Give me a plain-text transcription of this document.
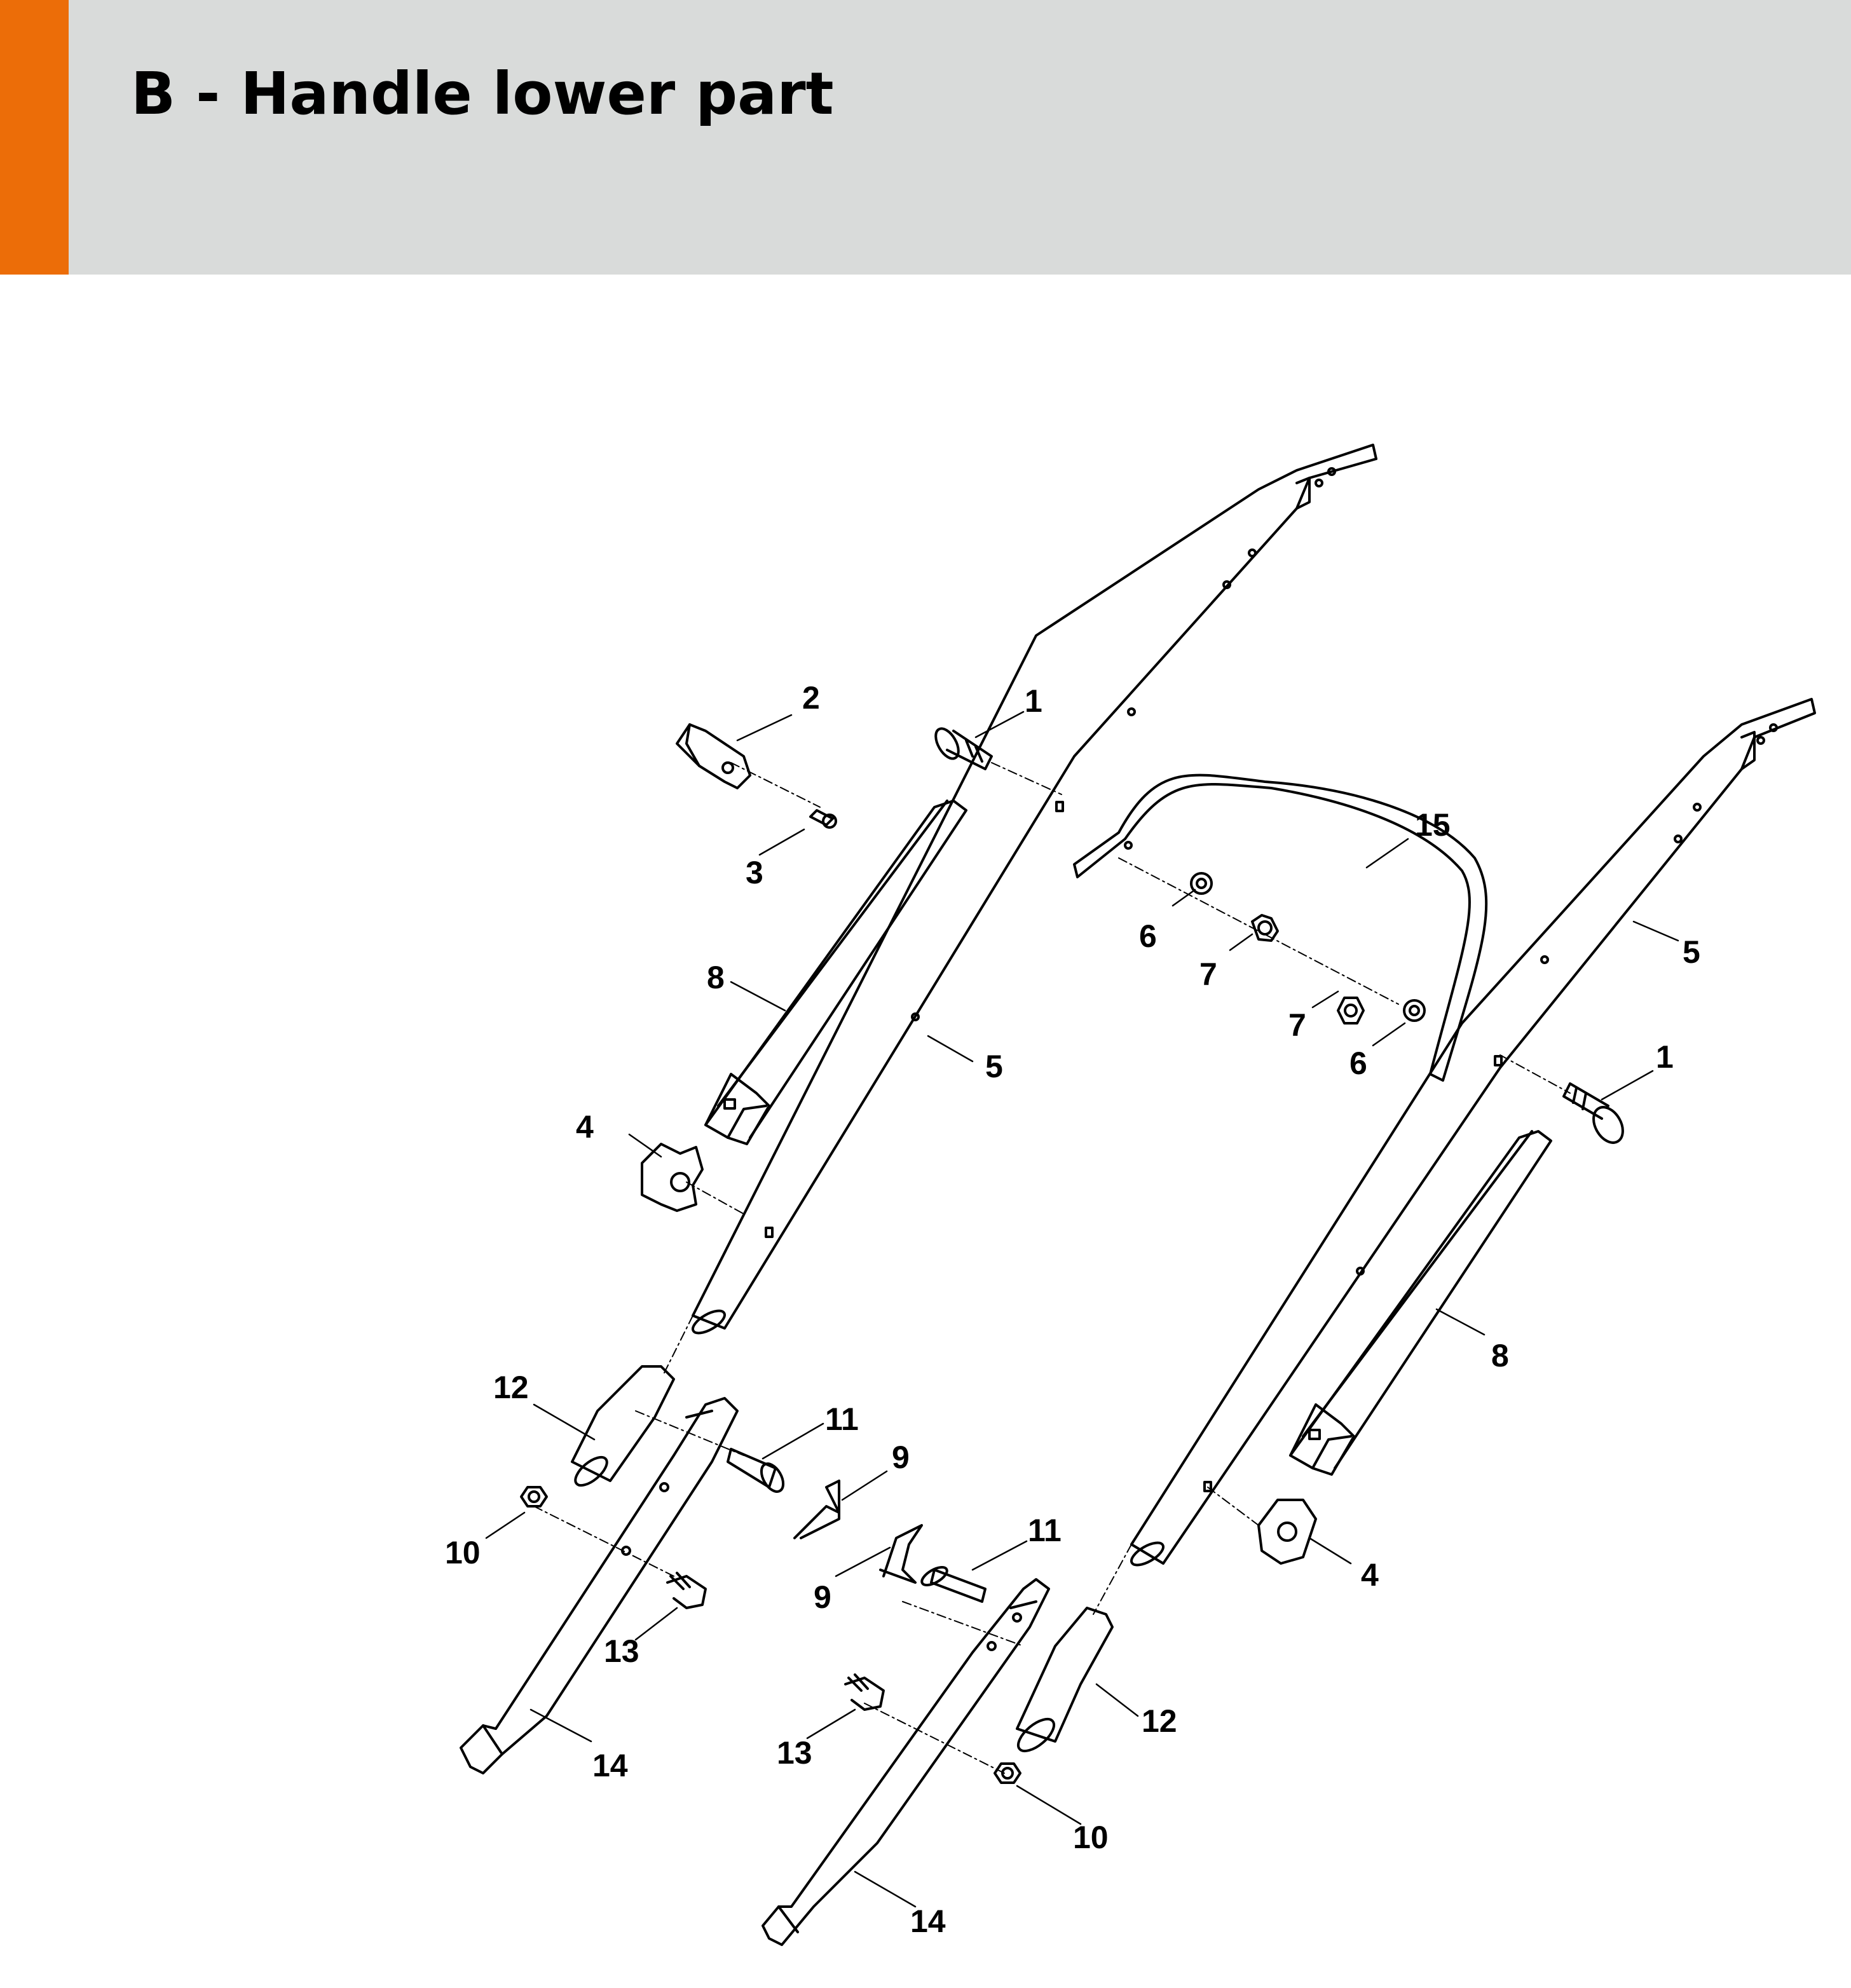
B - Handle lower part
1
2
3
1
15
6
7
7
6
5
8
5
4
8
12
11
9
10
11
9
4
13
14
12
13
10
14
